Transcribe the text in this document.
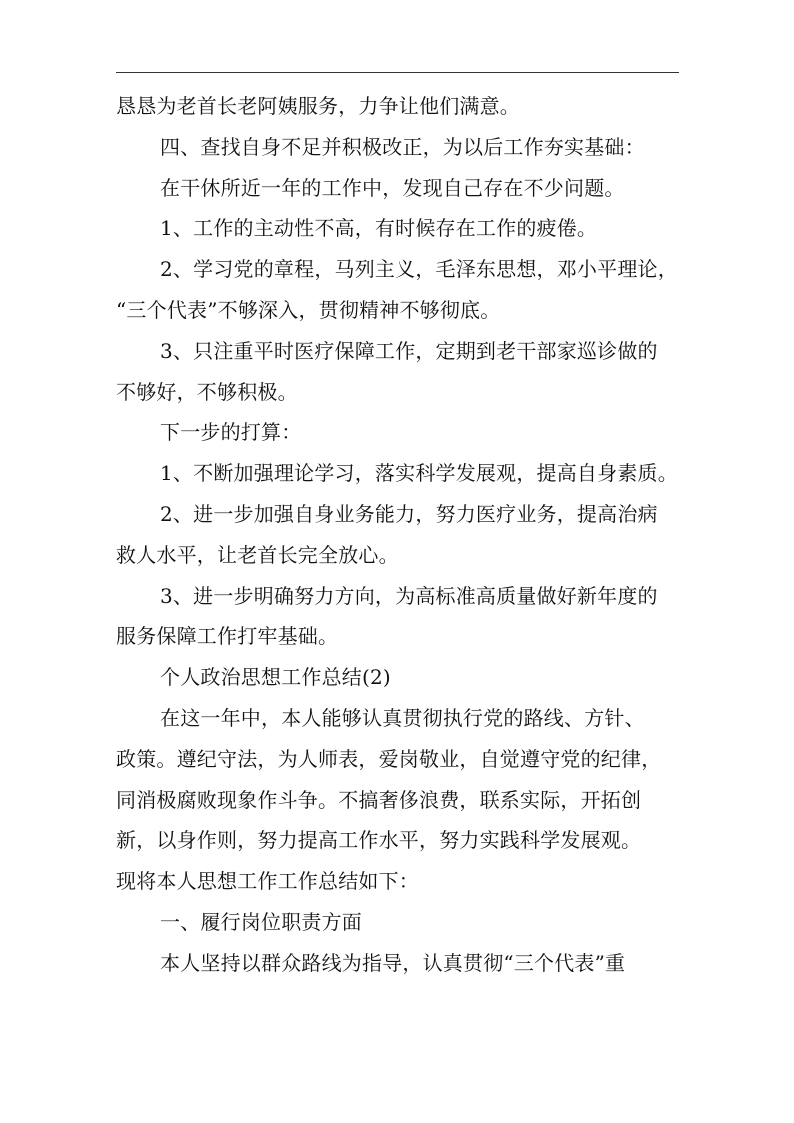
恳恳为老首长老阿姨服务，力争让他们满意。
四、查找自身不足并积极改正，为以后工作夯实基础：
在干休所近一年的工作中，发现自己存在不少问题。
1、工作的主动性不高，有时候存在工作的疲倦。
2、学习党的章程，马列主义，毛泽东思想，邓小平理论，
“三个代表”不够深入，贯彻精神不够彻底。
3、只注重平时医疗保障工作，定期到老干部家巡诊做的
不够好，不够积极。
下一步的打算：
1、不断加强理论学习，落实科学发展观，提高自身素质。
2、进一步加强自身业务能力，努力医疗业务，提高治病
救人水平，让老首长完全放心。
3、进一步明确努力方向，为高标准高质量做好新年度的
服务保障工作打牢基础。
个人政治思想工作总结(2)
在这一年中，本人能够认真贯彻执行党的路线、方针、
政策。遵纪守法，为人师表，爱岗敬业，自觉遵守党的纪律，
同消极腐败现象作斗争。不搞奢侈浪费，联系实际，开拓创
新，以身作则，努力提高工作水平，努力实践科学发展观。
现将本人思想工作工作总结如下：
一、履行岗位职责方面
本人坚持以群众路线为指导，认真贯彻“三个代表”重
